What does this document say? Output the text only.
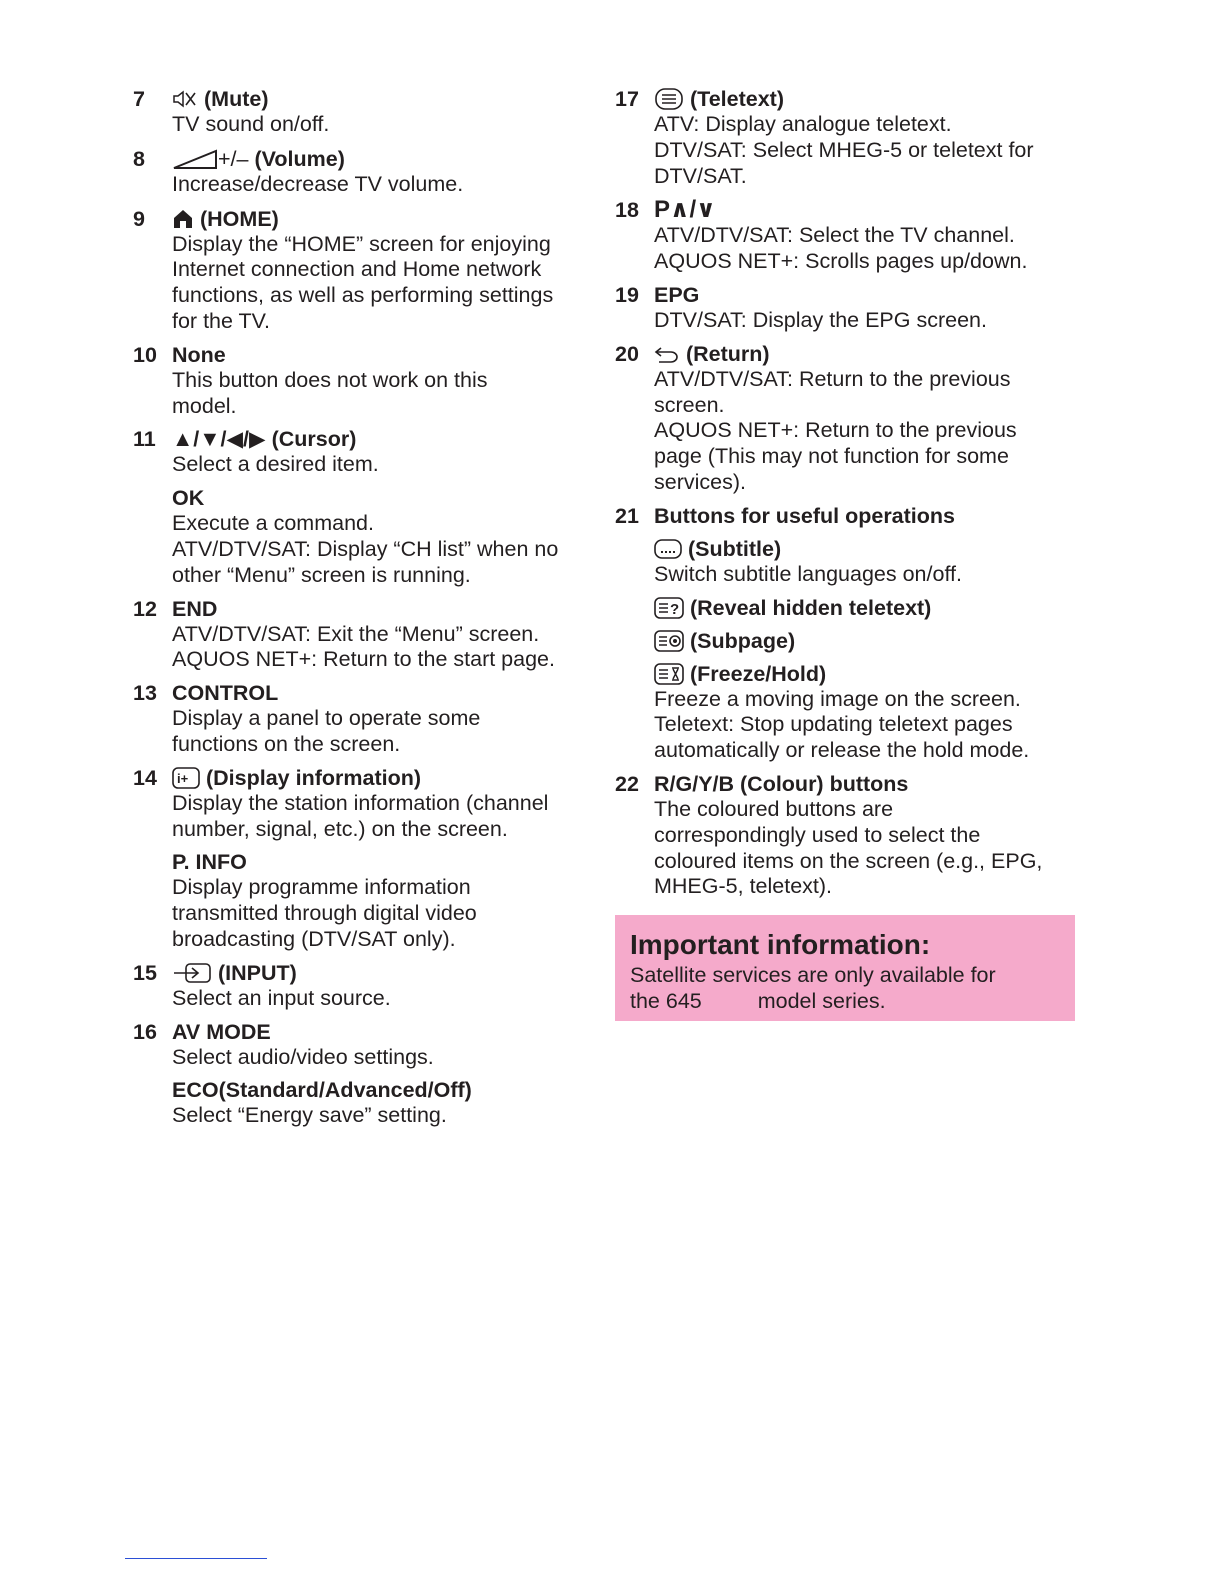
7	(Mute)
TV sound on/off.
8	+/– (Volume)
Increase/decrease TV volume.
9	(HOME)
Display the “HOME” screen for enjoying
Internet connection and Home network
functions, as well as performing settings
for the TV.
10 None
This button does not work on this
model.
11 ▲/▼/◀/▶ (Cursor)
Select a desired item.
OK
Execute a command.
ATV/DTV/SAT: Display “CH list” when no
other “Menu” screen is running.
12 END
ATV/DTV/SAT: Exit the “Menu” screen.
AQUOS NET+: Return to the start page.
13 CONTROL
Display a panel to operate some
functions on the screen.
14 i+ (Display information)
Display the station information (channel
number, signal, etc.) on the screen.
P. INFO
Display programme information
transmitted through digital video
broadcasting (DTV/SAT only).
15	(INPUT)
Select an input source.
16 AV MODE
Select audio/video settings.
ECO(Standard/Advanced/Off)
Select “Energy save” setting.
17 (Teletext)
ATV: Display analogue teletext.
DTV/SAT: Select MHEG-5 or teletext for
DTV/SAT.
18 P∧/∨
ATV/DTV/SAT: Select the TV channel.
AQUOS NET+: Scrolls pages up/down.
19 EPG
DTV/SAT: Display the EPG screen.
20 (Return)
ATV/DTV/SAT: Return to the previous
screen.
AQUOS NET+: Return to the previous
page (This may not function for some
services).
21 Buttons for useful operations
(Subtitle)
Switch subtitle languages on/off.
? (Reveal hidden teletext)
(Subpage)
(Freeze/Hold)
Freeze a moving image on the screen.
Teletext: Stop updating teletext pages
automatically or release the hold mode.
22 R/G/Y/B (Colour) buttons
The coloured buttons are
correspondingly used to select the
coloured items on the screen (e.g., EPG,
MHEG-5, teletext).
Important information:
Satellite services are only available for
the 645	model series.
